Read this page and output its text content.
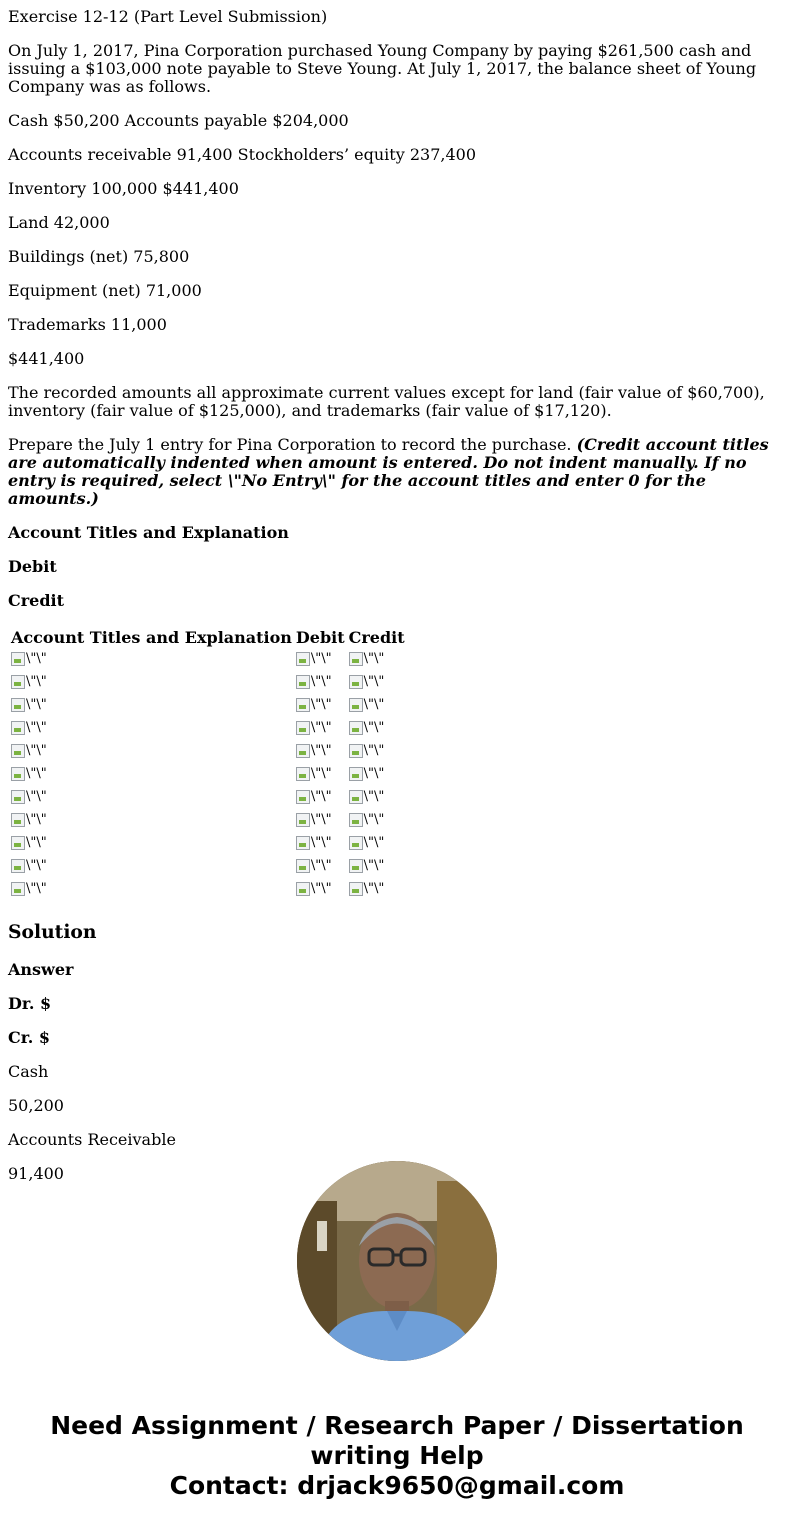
Exercise 12-12 (Part Level Submission)

On July 1, 2017, Pina Corporation purchased Young Company by paying $261,500 cash and issuing a $103,000 note payable to Steve Young. At July 1, 2017, the balance sheet of Young Company was as follows.

Cash $50,200 Accounts payable $204,000

Accounts receivable 91,400 Stockholders’ equity 237,400

Inventory 100,000 $441,400

Land 42,000

Buildings (net) 75,800

Equipment (net) 71,000

Trademarks 11,000

$441,400

The recorded amounts all approximate current values except for land (fair value of $60,700), inventory (fair value of $125,000), and trademarks (fair value of $17,120).

Prepare the July 1 entry for Pina Corporation to record the purchase. (Credit account titles are automatically indented when amount is entered. Do not indent manually. If no entry is required, select \"No Entry\" for the account titles and enter 0 for the amounts.)

Account Titles and Explanation

Debit

Credit

Account Titles and Explanation	Debit	Credit

\"\"	\"\"	\"\"

\"\"	\"\"	\"\"

\"\"	\"\"	\"\"

\"\"	\"\"	\"\"

\"\"	\"\"	\"\"

\"\"	\"\"	\"\"

\"\"	\"\"	\"\"

\"\"	\"\"	\"\"

\"\"	\"\"	\"\"

\"\"	\"\"	\"\"

\"\"	\"\"	\"\"
Solution

Answer

Dr. $

Cr. $

Cash

50,200

Accounts Receivable

91,400

Need Assignment / Research Paper / Dissertation
writing Help
Contact: drjack9650@gmail.com
